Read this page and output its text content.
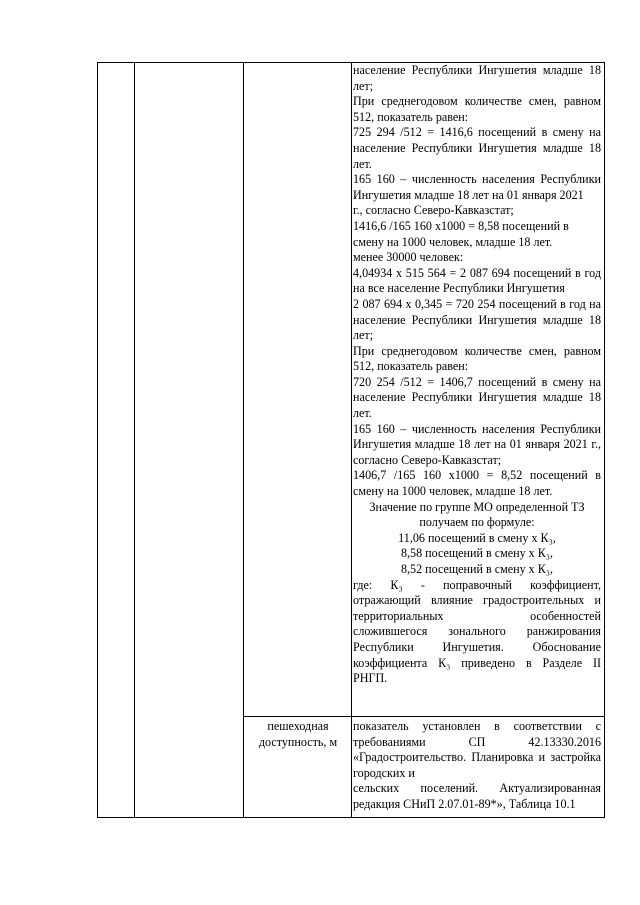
население Республики Ингушетия младше 18
лет;
При среднегодовом количестве смен, равном
512, показатель равен:
725 294 /512 = 1416,6 посещений в смену на
население Республики Ингушетия младше 18
лет.
165 160 – численность населения Республики
Ингушетия младше 18 лет на 01 января 2021
г., согласно Северо-Кавказстат;
1416,6 /165 160 х1000 = 8,58 посещений в
смену на 1000 человек, младше 18 лет.
менее 30000 человек:
4,04934 х 515 564 = 2 087 694 посещений в год
на все население Республики Ингушетия
2 087 694 х 0,345 = 720 254 посещений в год на
население Республики Ингушетия младше 18
лет;
При среднегодовом количестве смен, равном
512, показатель равен:
720 254 /512 = 1406,7 посещений в смену на
население Республики Ингушетия младше 18
лет.
165 160 – численность населения Республики
Ингушетия младше 18 лет на 01 января 2021 г.,
согласно Северо-Кавказстат;
1406,7 /165 160 х1000 = 8,52 посещений в
смену на 1000 человек, младше 18 лет.
Значение по группе МО определенной ТЗ
получаем по формуле:
11,06 посещений в смену х К₃,
8,58 посещений в смену х К₃,
8,52 посещений в смену х К₃,
где: К₃ - поправочный коэффициент,
отражающий влияние градостроительных и
территориальных особенностей
сложившегося зонального ранжирования
Республики Ингушетия. Обоснование
коэффициента К₃ приведено в Разделе II
РНГП.
пешеходная
доступность, м
показатель установлен в соответствии с
требованиями СП 42.13330.2016
«Градостроительство. Планировка и застройка
городских и
сельских поселений. Актуализированная
редакция СНиП 2.07.01-89*», Таблица 10.1
